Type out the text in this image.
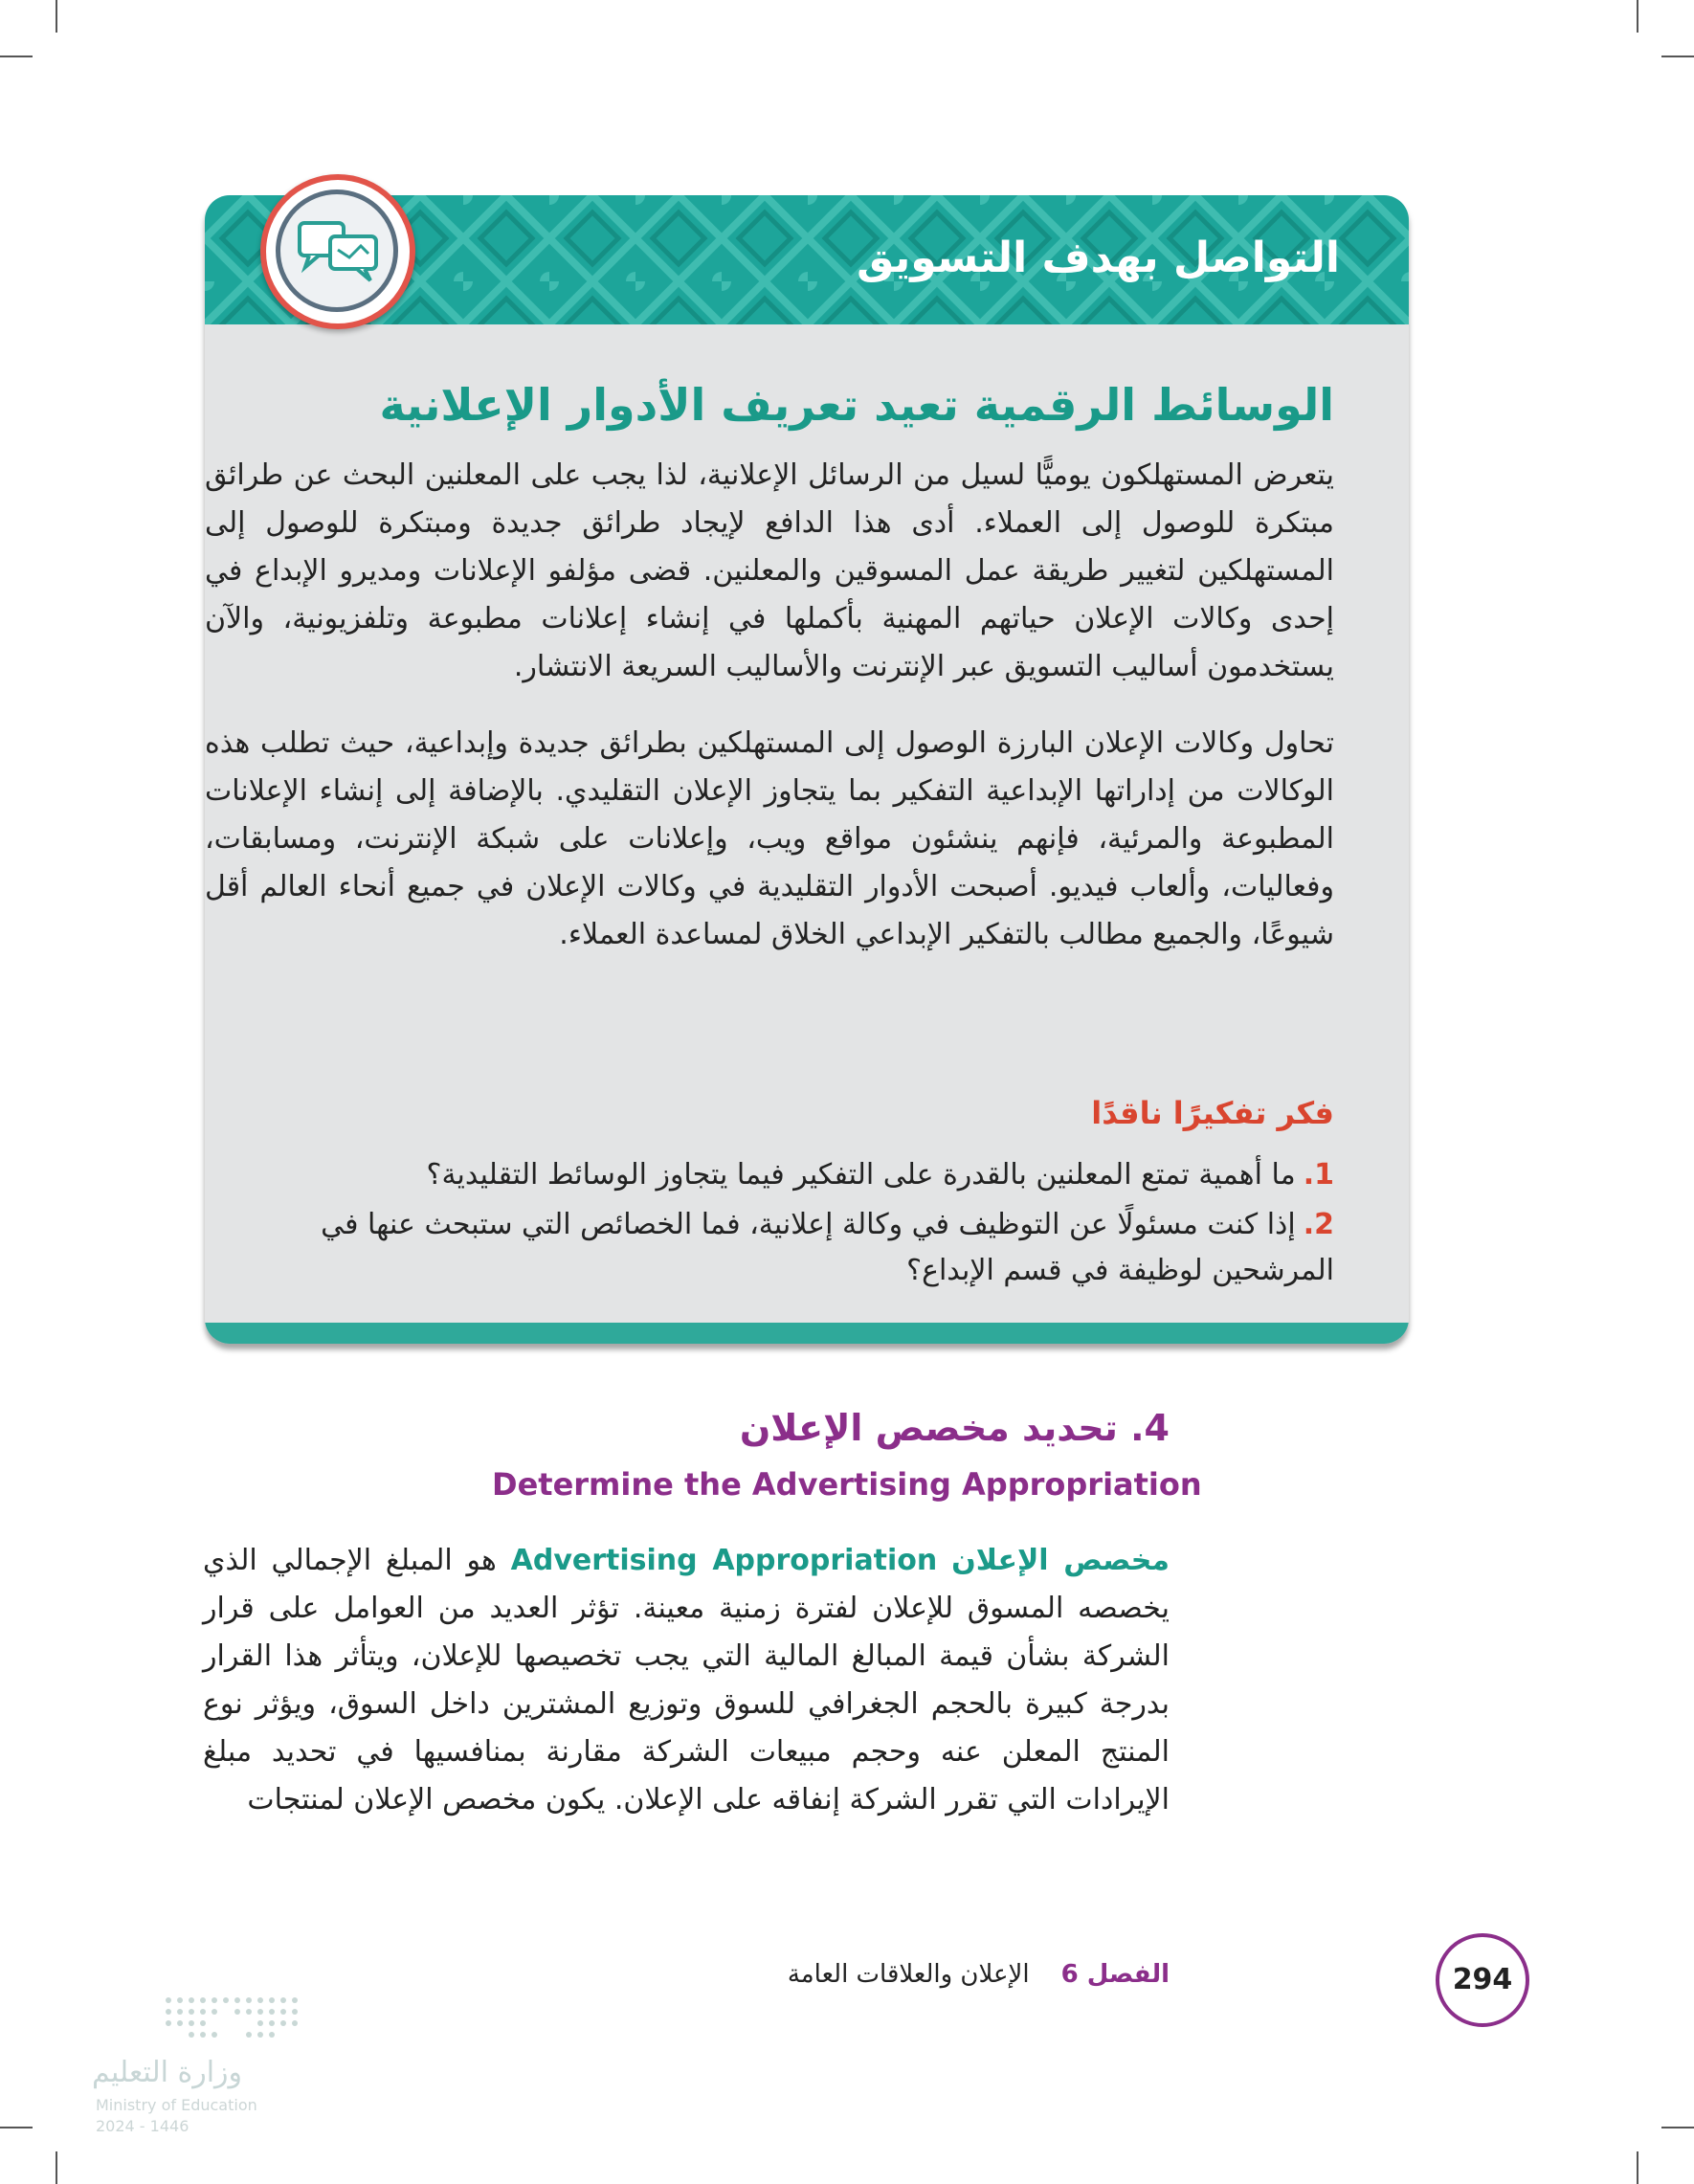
التواصل بهدف التسويق
الوسائط الرقمية تعيد تعريف الأدوار الإعلانية
يتعرض المستهلكون يوميًّا لسيل من الرسائل الإعلانية، لذا يجب على المعلنين البحث عن طرائق مبتكرة للوصول إلى العملاء. أدى هذا الدافع لإيجاد طرائق جديدة ومبتكرة للوصول إلى المستهلكين لتغيير طريقة عمل المسوقين والمعلنين. قضى مؤلفو الإعلانات ومديرو الإبداع في إحدى وكالات الإعلان حياتهم المهنية بأكملها في إنشاء إعلانات مطبوعة وتلفزيونية، والآن يستخدمون أساليب التسويق عبر الإنترنت والأساليب السريعة الانتشار.
تحاول وكالات الإعلان البارزة الوصول إلى المستهلكين بطرائق جديدة وإبداعية، حيث تطلب هذه الوكالات من إداراتها الإبداعية التفكير بما يتجاوز الإعلان التقليدي. بالإضافة إلى إنشاء الإعلانات المطبوعة والمرئية، فإنهم ينشئون مواقع ويب، وإعلانات على شبكة الإنترنت، ومسابقات، وفعاليات، وألعاب فيديو. أصبحت الأدوار التقليدية في وكالات الإعلان في جميع أنحاء العالم أقل شيوعًا، والجميع مطالب بالتفكير الإبداعي الخلاق لمساعدة العملاء.
فكر تفكيرًا ناقدًا
1.ما أهمية تمتع المعلنين بالقدرة على التفكير فيما يتجاوز الوسائط التقليدية؟
2.إذا كنت مسئولًا عن التوظيف في وكالة إعلانية، فما الخصائص التي ستبحث عنها في المرشحين لوظيفة في قسم الإبداع؟
4. تحديد مخصص الإعلان
Determine the Advertising Appropriation
مخصص الإعلان Advertising Appropriation هو المبلغ الإجمالي الذي يخصصه المسوق للإعلان لفترة زمنية معينة. تؤثر العديد من العوامل على قرار الشركة بشأن قيمة المبالغ المالية التي يجب تخصيصها للإعلان، ويتأثر هذا القرار بدرجة كبيرة بالحجم الجغرافي للسوق وتوزيع المشترين داخل السوق، ويؤثر نوع المنتج المعلن عنه وحجم مبيعات الشركة مقارنة بمنافسيها في تحديد مبلغ الإيرادات التي تقرر الشركة إنفاقه على الإعلان. يكون مخصص الإعلان لمنتجات
الفصل 6    الإعلان والعلاقات العامة	294
وزارة التعليم
Ministry of Education
2024 - 1446
